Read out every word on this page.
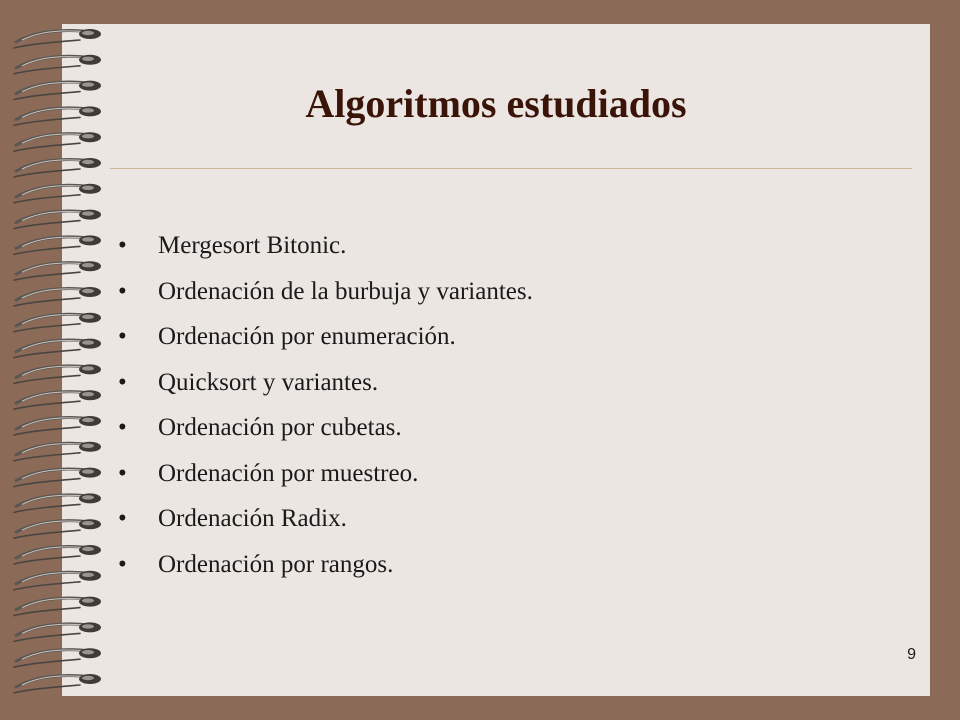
Algoritmos estudiados
•	Mergesort Bitonic.
•	Ordenación de la burbuja y variantes.
•	Ordenación por enumeración.
•	Quicksort y variantes.
•	Ordenación por cubetas.
•	Ordenación por muestreo.
•	Ordenación Radix.
•	Ordenación por rangos.
9
